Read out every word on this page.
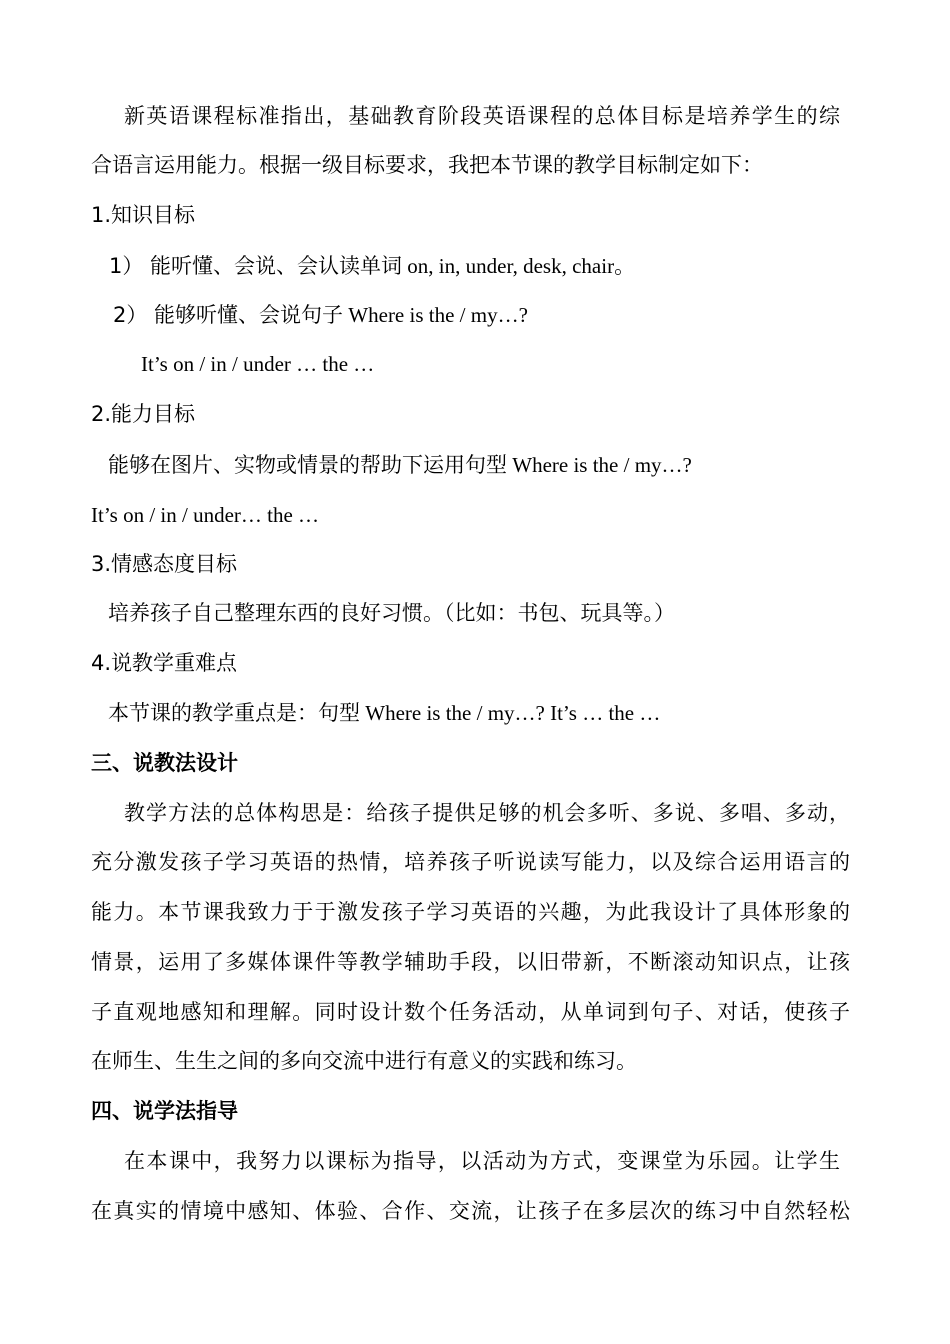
新英语课程标准指出，基础教育阶段英语课程的总体目标是培养学生的综
合语言运用能力。根据一级目标要求，我把本节课的教学目标制定如下：
1.知识目标
1） 能听懂、会说、会认读单词 on, in, under, desk, chair。
2） 能够听懂、会说句子 Where is the / my…?
It’s on / in / under … the …
2.能力目标
能够在图片、实物或情景的帮助下运用句型 Where is the / my…?
It’s on / in / under… the …
3.情感态度目标
培养孩子自己整理东西的良好习惯。（比如：书包、玩具等。）
4.说教学重难点
本节课的教学重点是：句型 Where is the / my…? It’s … the …
三、说教法设计
教学方法的总体构思是：给孩子提供足够的机会多听、多说、多唱、多动，
充分激发孩子学习英语的热情，培养孩子听说读写能力，以及综合运用语言的
能力。本节课我致力于于激发孩子学习英语的兴趣，为此我设计了具体形象的
情景，运用了多媒体课件等教学辅助手段，以旧带新，不断滚动知识点，让孩
子直观地感知和理解。同时设计数个任务活动，从单词到句子、对话，使孩子
在师生、生生之间的多向交流中进行有意义的实践和练习。
四、说学法指导
在本课中，我努力以课标为指导，以活动为方式，变课堂为乐园。让学生
在真实的情境中感知、体验、合作、交流，让孩子在多层次的练习中自然轻松
